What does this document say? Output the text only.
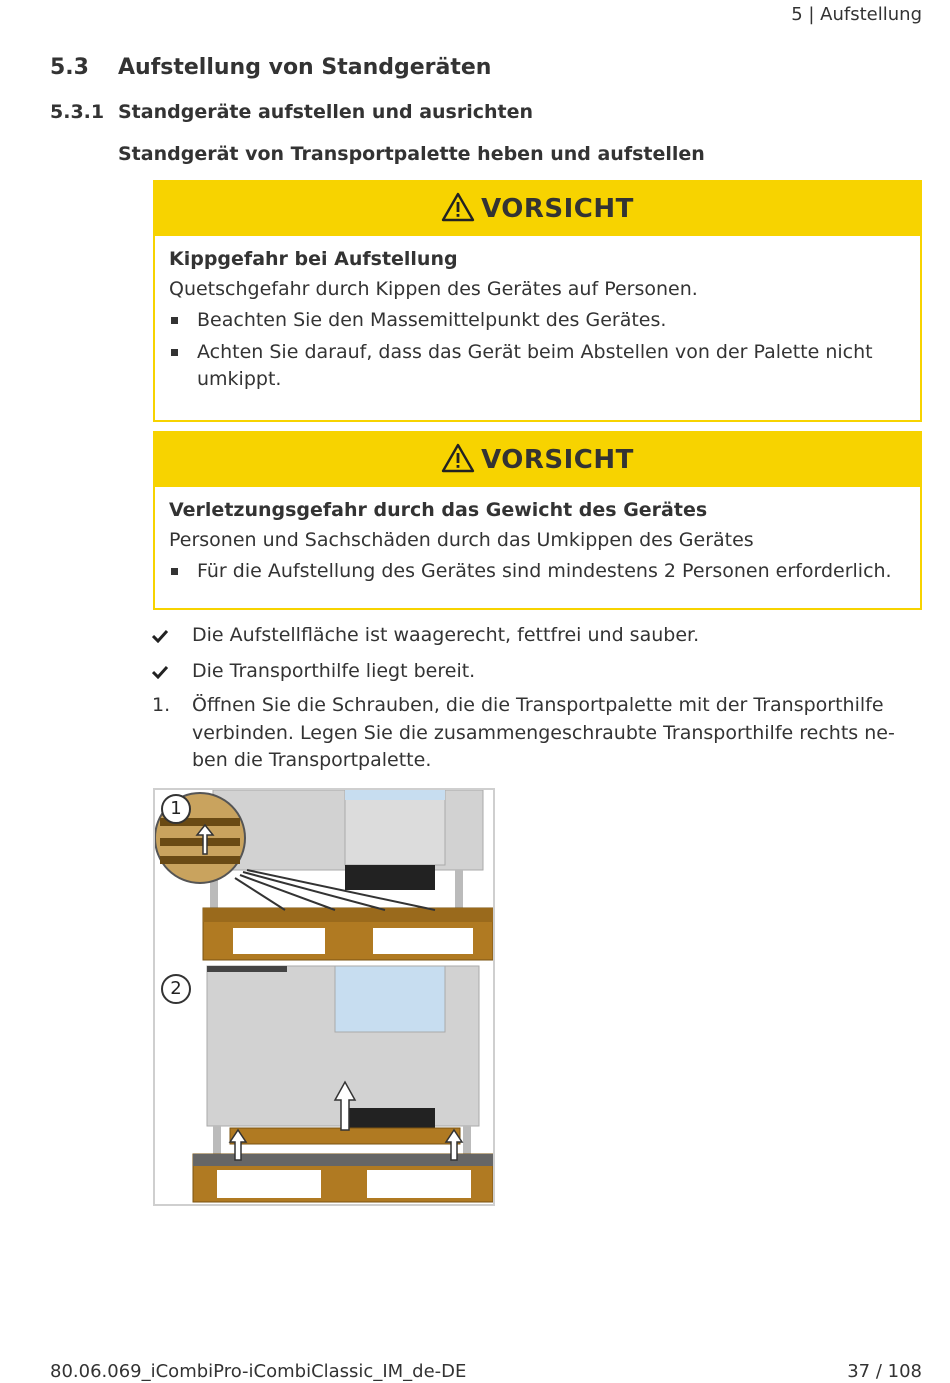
5 | Aufstellung
5.3 Aufstellung von Standgeräten
5.3.1 Standgeräte aufstellen und ausrichten
Standgerät von Transportpalette heben und aufstellen
VORSICHT
Kippgefahr bei Aufstellung
Quetschgefahr durch Kippen des Gerätes auf Personen.
Beachten Sie den Massemittelpunkt des Gerätes.
Achten Sie darauf, dass das Gerät beim Abstellen von der Palette nicht umkippt.
VORSICHT
Verletzungsgefahr durch das Gewicht des Gerätes
Personen und Sachschäden durch das Umkippen des Gerätes
Für die Aufstellung des Gerätes sind mindestens 2 Personen erforderlich.
Die Aufstellfläche ist waagerecht, fettfrei und sauber.
Die Transporthilfe liegt bereit.
1.	Öffnen Sie die Schrauben, die die Transportpalette mit der Transporthilfe verbinden. Legen Sie die zusammengeschraubte Transporthilfe rechts ne-ben die Transportpalette.
1
2
80.06.069_iCombiPro-iCombiClassic_IM_de-DE	37 / 108
